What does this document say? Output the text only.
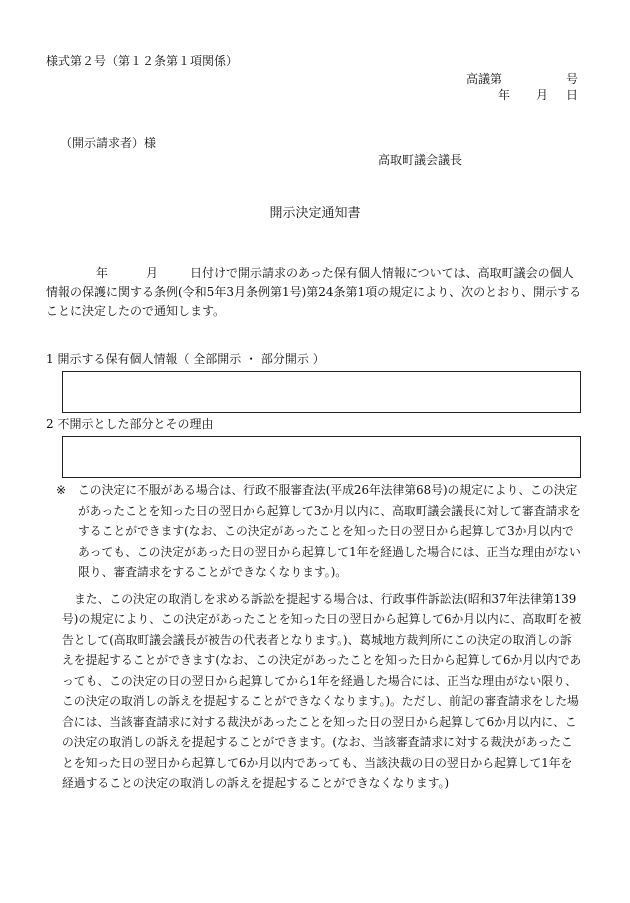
様式第２号（第１２条第１項関係）
高議第	号
年 月 日
（開示請求者）様
高取町議会議長
開示決定通知書
年	月	日付けで開示請求のあった保有個人情報については、高取町議会の個人情報の保護に関する条例(令和5年3月条例第1号)第24条第1項の規定により、次のとおり、開示することに決定したので通知します。
1 開示する保有個人情報（ 全部開示 ・ 部分開示 ）
2 不開示とした部分とその理由

※ この決定に不服がある場合は、行政不服審査法(平成26年法律第68号)の規定により、この決定があったことを知った日の翌日から起算して3か月以内に、高取町議会議長に対して審査請求をすることができます(なお、この決定があったことを知った日の翌日から起算して3か月以内であっても、この決定があった日の翌日から起算して1年を経過した場合には、正当な理由がない限り、審査請求をすることができなくなります。)。

また、この決定の取消しを求める訴訟を提起する場合は、行政事件訴訟法(昭和37年法律第139号)の規定により、この決定があったことを知った日の翌日から起算して6か月以内に、高取町を被告として(高取町議会議長が被告の代表者となります。)、葛城地方裁判所にこの決定の取消しの訴えを提起することができます(なお、この決定があったことを知った日から起算して6か月以内であっても、この決定の日の翌日から起算してから1年を経過した場合には、正当な理由がない限り、この決定の取消しの訴えを提起することができなくなります。)。ただし、前記の審査請求をした場合には、当該審査請求に対する裁決があったことを知った日の翌日から起算して6か月以内に、この決定の取消しの訴えを提起することができます。(なお、当該審査請求に対する裁決があったことを知った日の翌日から起算して6か月以内であっても、当該決裁の日の翌日から起算して1年を経過することの決定の取消しの訴えを提起することができなくなります。)
